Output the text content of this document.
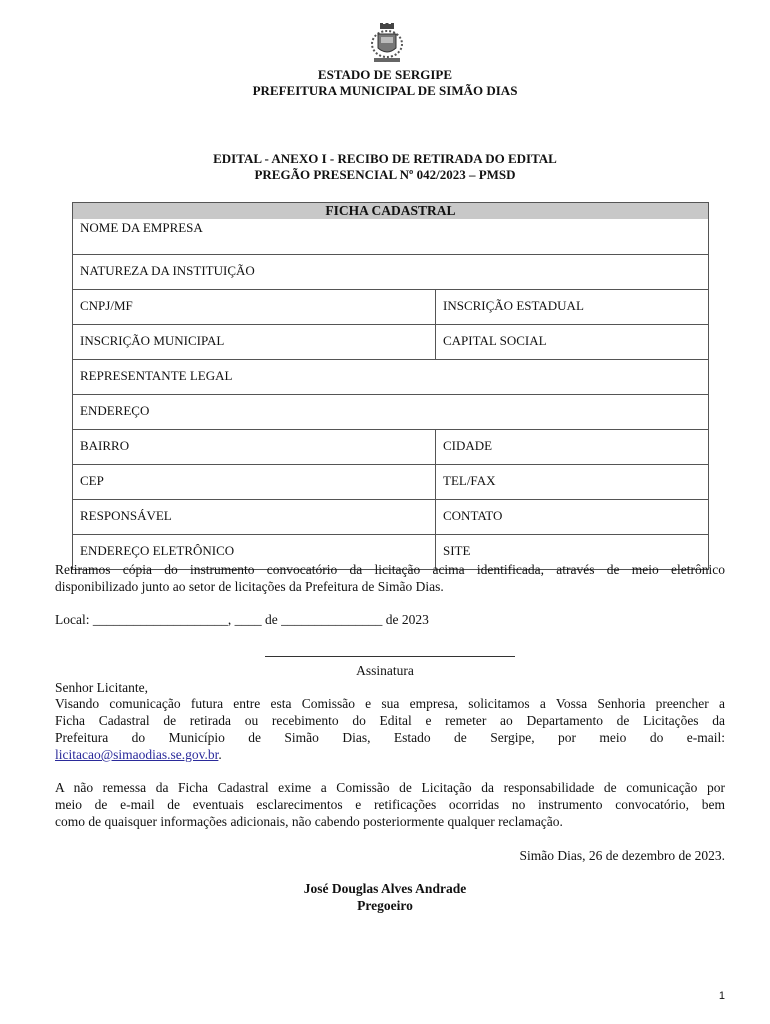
ESTADO DE SERGIPE
PREFEITURA MUNICIPAL DE SIMÃO DIAS
EDITAL - ANEXO I - RECIBO DE RETIRADA DO EDITAL
PREGÃO PRESENCIAL Nº 042/2023 – PMSD
FICHA CADASTRAL	
NOME DA EMPRESA	
NATUREZA DA INSTITUIÇÃO	
CNPJ/MF	INSCRIÇÃO ESTADUAL
INSCRIÇÃO MUNICIPAL	CAPITAL SOCIAL
REPRESENTANTE LEGAL	
ENDEREÇO	
BAIRRO	CIDADE
CEP	TEL/FAX
RESPONSÁVEL	CONTATO
ENDEREÇO ELETRÔNICO	SITE
Retiramos cópia do instrumento convocatório da licitação acima identificada, através de meio eletrônico
disponibilizado junto ao setor de licitações da Prefeitura de Simão Dias.
Local: ____________________, ____ de _______________ de 2023
Assinatura
Senhor Licitante,
Visando comunicação futura entre esta Comissão e sua empresa, solicitamos a Vossa Senhoria preencher a
Ficha Cadastral de retirada ou recebimento do Edital e remeter ao Departamento de Licitações da
Prefeitura do Município de Simão Dias, Estado de Sergipe, por meio do e-mail:
licitacao@simaodias.se.gov.br.
A não remessa da Ficha Cadastral exime a Comissão de Licitação da responsabilidade de comunicação por
meio de e-mail de eventuais esclarecimentos e retificações ocorridas no instrumento convocatório, bem
como de quaisquer informações adicionais, não cabendo posteriormente qualquer reclamação.
Simão Dias, 26 de dezembro de 2023.
José Douglas Alves Andrade
Pregoeiro
1
